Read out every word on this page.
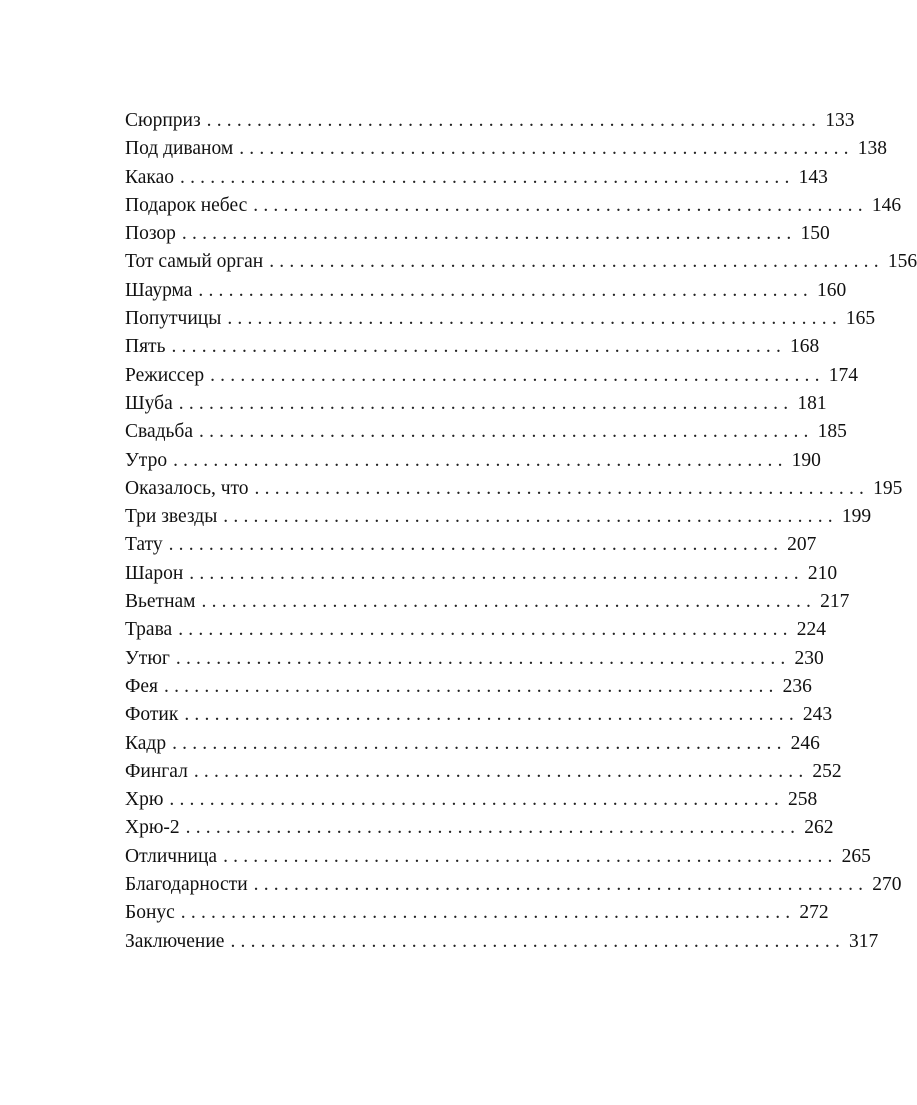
Сюрприз ............................................................. 133
Под диваном ............................................................. 138
Какао ............................................................. 143
Подарок небес ............................................................. 146
Позор ............................................................. 150
Тот самый орган ............................................................. 156
Шаурма ............................................................. 160
Попутчицы ............................................................. 165
Пять ............................................................. 168
Режиссер ............................................................. 174
Шуба ............................................................. 181
Свадьба ............................................................. 185
Утро ............................................................. 190
Оказалось, что ............................................................. 195
Три звезды ............................................................. 199
Тату ............................................................. 207
Шарон ............................................................. 210
Вьетнам ............................................................. 217
Трава ............................................................. 224
Утюг ............................................................. 230
Фея ............................................................. 236
Фотик ............................................................. 243
Кадр ............................................................. 246
Фингал ............................................................. 252
Хрю ............................................................. 258
Хрю-2 ............................................................. 262
Отличница ............................................................. 265
Благодарности ............................................................. 270
Бонус ............................................................. 272
Заключение ............................................................. 317
